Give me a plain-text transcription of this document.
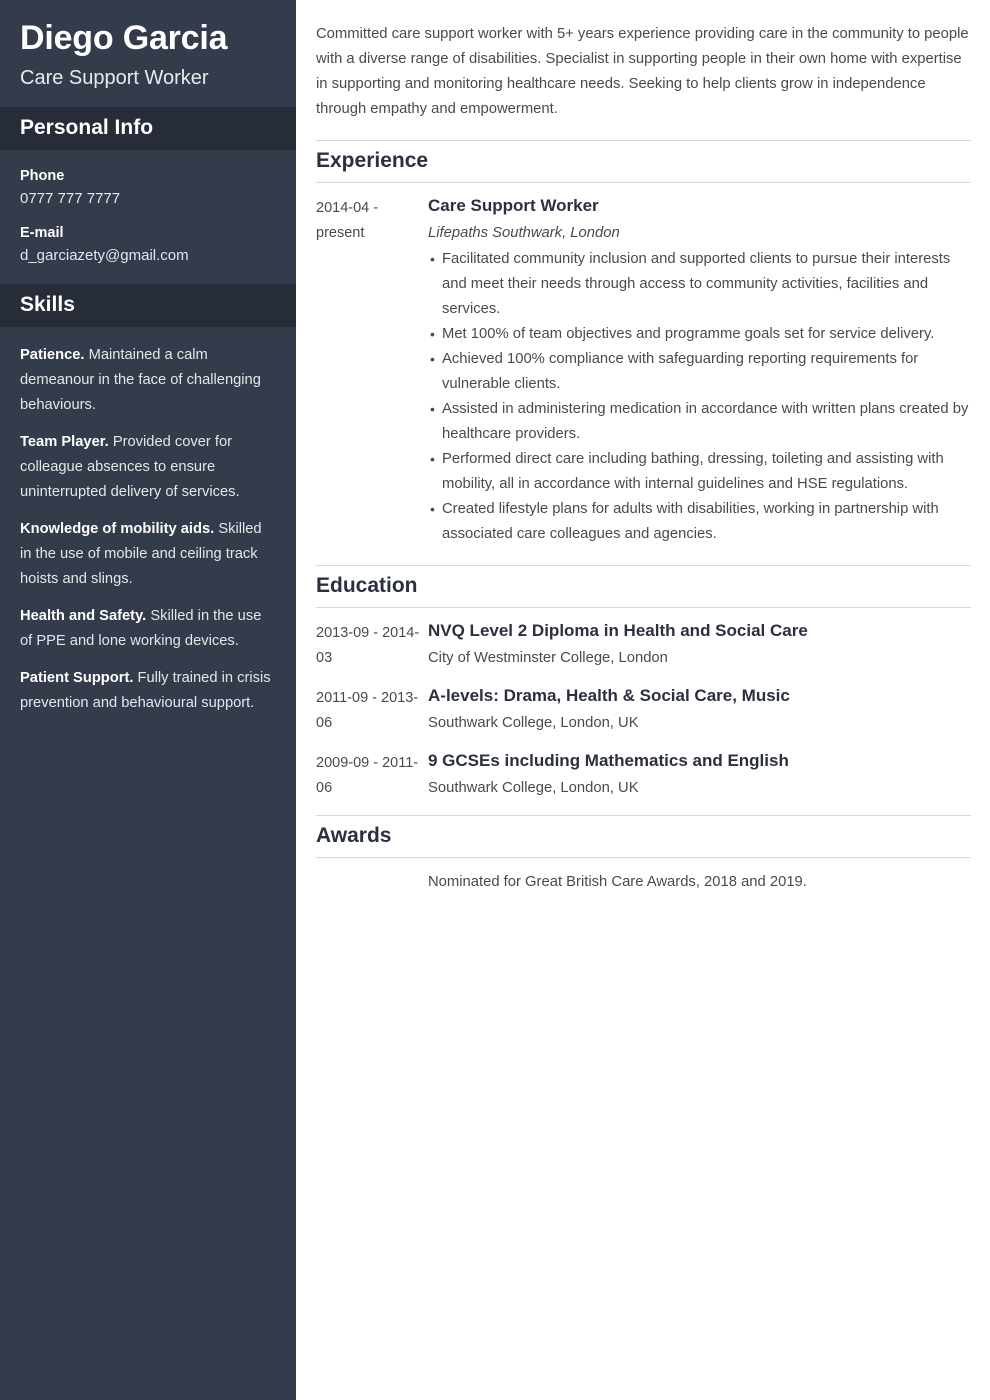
Diego Garcia
Care Support Worker
Personal Info
Phone
0777 777 7777
E-mail
d_garciazety@gmail.com
Skills
Patience. Maintained a calm demeanour in the face of challenging behaviours.
Team Player. Provided cover for colleague absences to ensure uninterrupted delivery of services.
Knowledge of mobility aids. Skilled in the use of mobile and ceiling track hoists and slings.
Health and Safety. Skilled in the use of PPE and lone working devices.
Patient Support. Fully trained in crisis prevention and behavioural support.

Committed care support worker with 5+ years experience providing care in the community to people with a diverse range of disabilities. Specialist in supporting people in their own home with expertise in supporting and monitoring healthcare needs. Seeking to help clients grow in independence through empathy and empowerment.

Experience
2014-04 - present
Care Support Worker

Lifepaths Southwark, London

• Facilitated community inclusion and supported clients to pursue their interests and meet their needs through access to community activities, facilities and services.
• Met 100% of team objectives and programme goals set for service delivery.
• Achieved 100% compliance with safeguarding reporting requirements for vulnerable clients.
• Assisted in administering medication in accordance with written plans created by healthcare providers.
• Performed direct care including bathing, dressing, toileting and assisting with mobility, all in accordance with internal guidelines and HSE regulations.
• Created lifestyle plans for adults with disabilities, working in partnership with associated care colleagues and agencies.
Education
2013-09 - 2014-03
NVQ Level 2 Diploma in Health and Social Care

City of Westminster College, London

2011-09 - 2013-06
A-levels: Drama, Health & Social Care, Music

Southwark College, London, UK

2009-09 - 2011-06
9 GCSEs including Mathematics and English

Southwark College, London, UK

Awards
Nominated for Great British Care Awards, 2018 and 2019.
